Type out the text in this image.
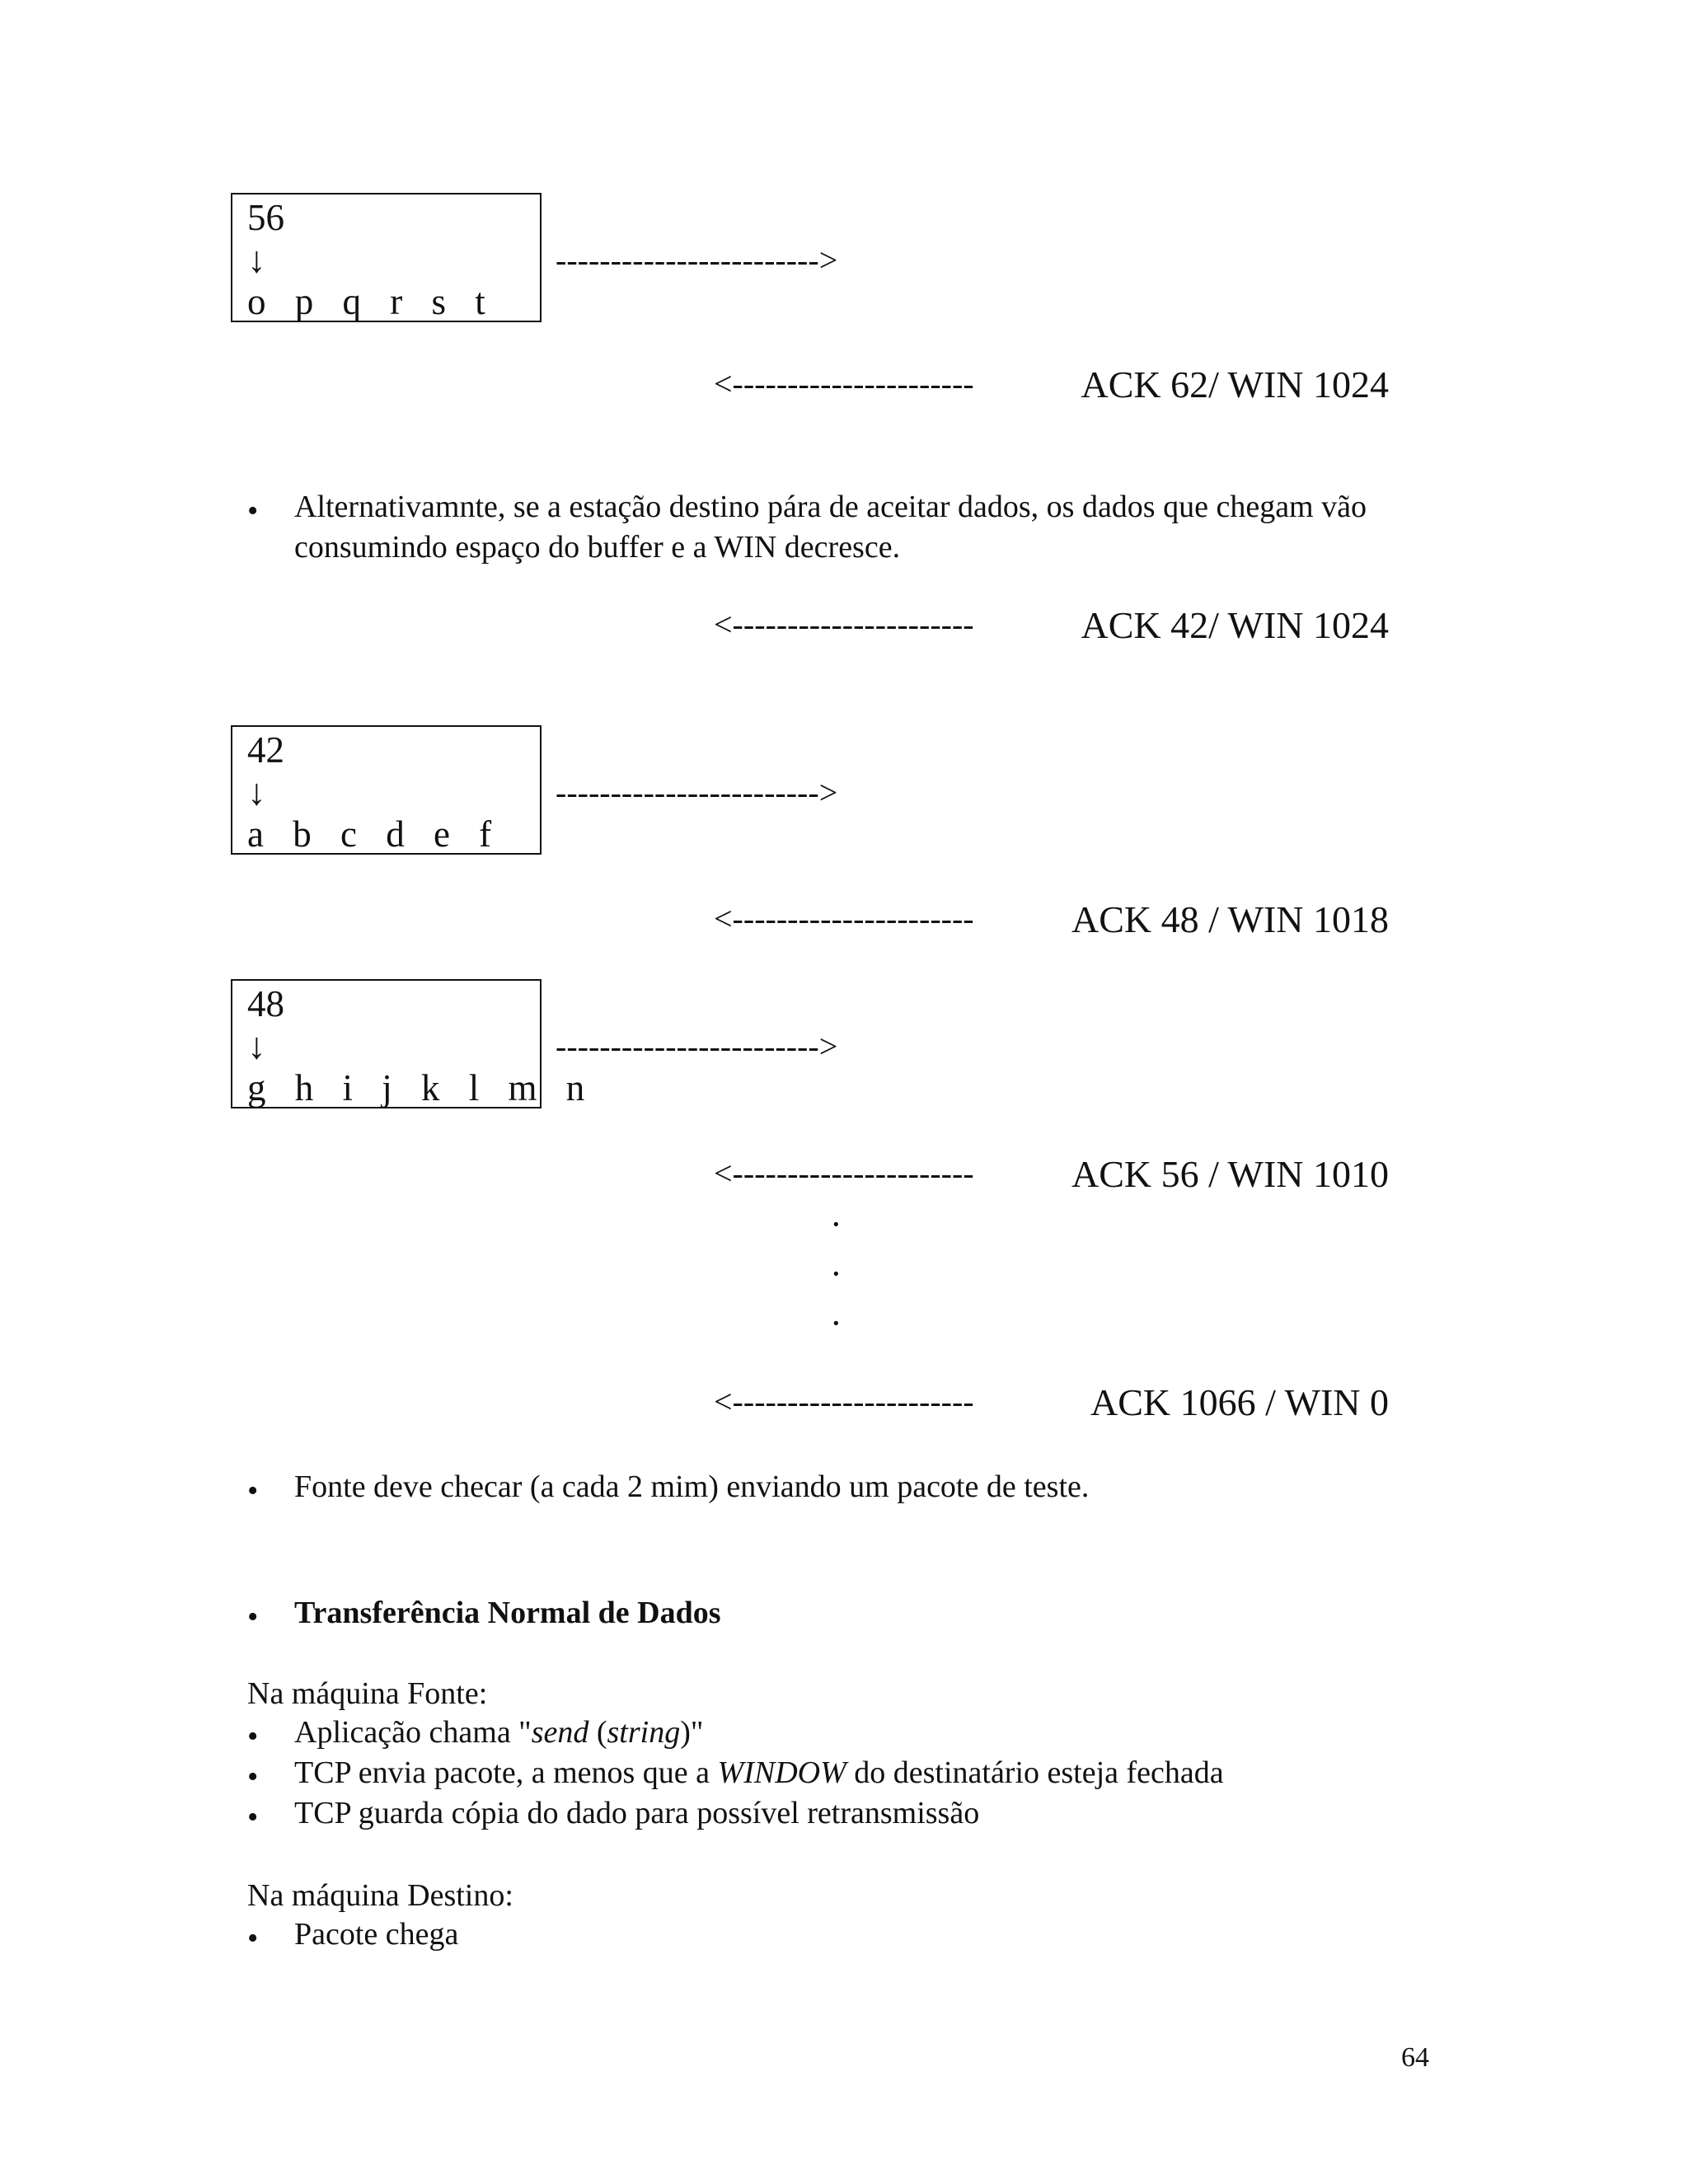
56
↓
o p q r s t
------------------------>
<----------------------	ACK 62/ WIN 1024
• Alternativamnte, se a estação destino pára de aceitar dados, os dados que chegam vão consumindo espaço do buffer e a WIN decresce.
<----------------------	ACK 42/ WIN 1024
42
↓
a b c d e f
------------------------>
<----------------------	ACK 48 / WIN 1018
48
↓
g h i j k l m n
------------------------>
<----------------------	ACK 56 / WIN 1010
·
·
·
<----------------------	ACK 1066 / WIN 0
• Fonte deve checar (a cada 2 mim) enviando um pacote de teste.
• Transferência Normal de Dados
Na máquina Fonte:
• Aplicação chama "send (string)"
• TCP envia pacote, a menos que a WINDOW do destinatário esteja fechada
• TCP guarda cópia do dado para possível retransmissão
Na máquina Destino:
• Pacote chega
64
